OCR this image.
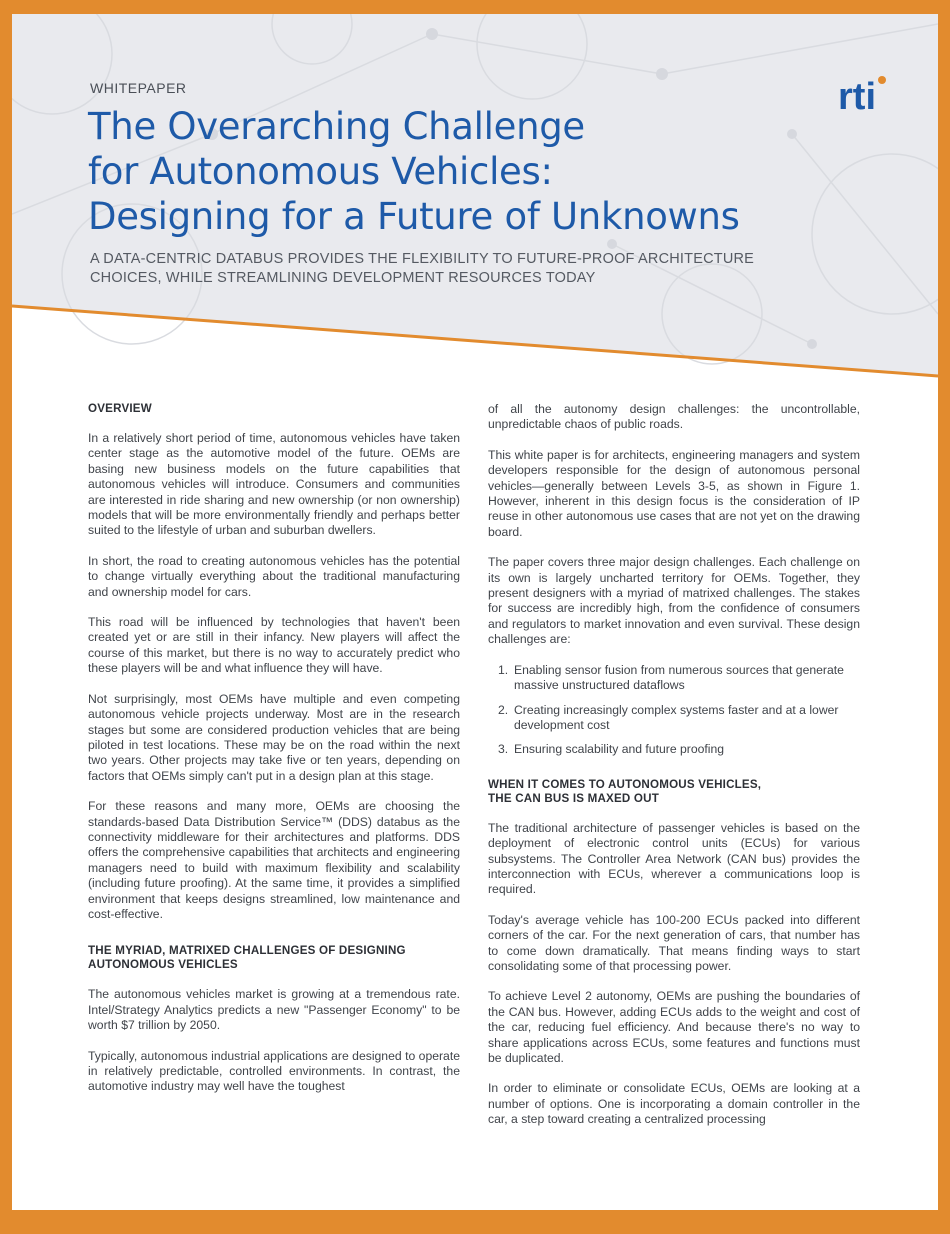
WHITEPAPER
The Overarching Challenge
for Autonomous Vehicles:
Designing for a Future of Unknowns
A DATA-CENTRIC DATABUS PROVIDES THE FLEXIBILITY TO FUTURE-PROOF ARCHITECTURE
CHOICES, WHILE STREAMLINING DEVELOPMENT RESOURCES TODAY
rti
OVERVIEW

In a relatively short period of time, autonomous vehicles have taken center stage as the automotive model of the future. OEMs are basing new business models on the future capabilities that autonomous vehicles will introduce. Consumers and communities are interested in ride sharing and new ownership (or non ownership) models that will be more environmentally friendly and perhaps better suited to the lifestyle of urban and suburban dwellers.

In short, the road to creating autonomous vehicles has the potential to change virtually everything about the traditional manufacturing and ownership model for cars.

This road will be influenced by technologies that haven't been created yet or are still in their infancy. New players will affect the course of this market, but there is no way to accurately predict who these players will be and what influence they will have.

Not surprisingly, most OEMs have multiple and even competing autonomous vehicle projects underway. Most are in the research stages but some are considered production vehicles that are being piloted in test locations. These may be on the road within the next two years. Other projects may take five or ten years, depending on factors that OEMs simply can't put in a design plan at this stage.

For these reasons and many more, OEMs are choosing the standards-based Data Distribution Service™ (DDS) databus as the connectivity middleware for their architectures and platforms. DDS offers the comprehensive capabilities that architects and engineering managers need to build with maximum flexibility and scalability (including future proofing). At the same time, it provides a simplified environment that keeps designs streamlined, low maintenance and cost-effective.

THE MYRIAD, MATRIXED CHALLENGES OF DESIGNING AUTONOMOUS VEHICLES

The autonomous vehicles market is growing at a tremendous rate. Intel/Strategy Analytics predicts a new "Passenger Economy" to be worth $7 trillion by 2050.

Typically, autonomous industrial applications are designed to operate in relatively predictable, controlled environments. In contrast, the automotive industry may well have the toughest

of all the autonomy design challenges: the uncontrollable, unpredictable chaos of public roads.

This white paper is for architects, engineering managers and system developers responsible for the design of autonomous personal vehicles—generally between Levels 3-5, as shown in Figure 1. However, inherent in this design focus is the consideration of IP reuse in other autonomous use cases that are not yet on the drawing board.

The paper covers three major design challenges. Each challenge on its own is largely uncharted territory for OEMs. Together, they present designers with a myriad of matrixed challenges. The stakes for success are incredibly high, from the confidence of consumers and regulators to market innovation and even survival. These design challenges are:

1. Enabling sensor fusion from numerous sources that generate massive unstructured dataflows
2. Creating increasingly complex systems faster and at a lower development cost
3. Ensuring scalability and future proofing
WHEN IT COMES TO AUTONOMOUS VEHICLES,
THE CAN BUS IS MAXED OUT

The traditional architecture of passenger vehicles is based on the deployment of electronic control units (ECUs) for various subsystems. The Controller Area Network (CAN bus) provides the interconnection with ECUs, wherever a communications loop is required.

Today's average vehicle has 100-200 ECUs packed into different corners of the car. For the next generation of cars, that number has to come down dramatically. That means finding ways to start consolidating some of that processing power.

To achieve Level 2 autonomy, OEMs are pushing the boundaries of the CAN bus. However, adding ECUs adds to the weight and cost of the car, reducing fuel efficiency. And because there's no way to share applications across ECUs, some features and functions must be duplicated.

In order to eliminate or consolidate ECUs, OEMs are looking at a number of options. One is incorporating a domain controller in the car, a step toward creating a centralized processing
